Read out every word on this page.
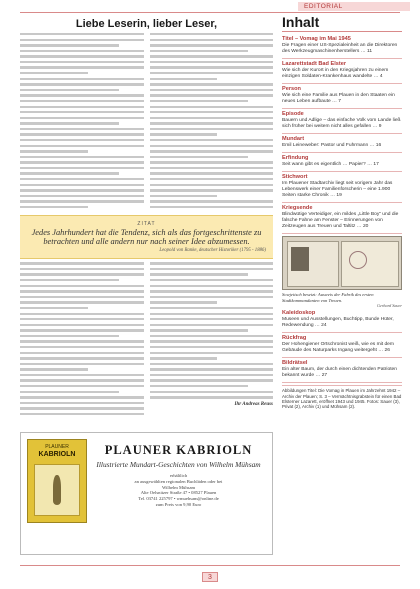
EDITORIAL
Liebe Leserin, lieber Leser,
ZITAT
Jedes Jahrhundert hat die Tendenz, sich als das fortgeschrittenste zu betrachten und alle andern nur nach seiner Idee abzumessen.
Leopold von Ranke, deutscher Historiker (1795 - 1886)
Ihr Andreas Reuss
PLAUNER
KABRIOLN	PLAUNER KABRIOLN
Illustrierte Mundart-Geschichten von Wilhelm Mühsam
erhältlich
an ausgewählten regionalen Buchläden oder bei
Wilhelm Mühsam
Alte Oelsnitzer Straße 47 • 08527 Plauen
Tel. 03741 225797 • wmuehsam@online.de
zum Preis von 9,90 Euro
Inhalt
Titel – Vomag im Mai 1945
Die Fragen einer US-Spezialeinheit an die Direktoren des Werkzeugmaschinenherstellers … 11
Lazarettstadt Bad Elster
Wie sich der Kurort in den Kriegsjahren zu einem einzigen Soldaten-Krankenhaus wandelte … 4
Person
Wie sich eine Familie aus Plauen in den Staaten ein neues Leben aufbaute … 7
Episode
Bauern und Adlige – das einfache Volk vom Lande ließ sich früher bei weitem nicht alles gefallen … 9
Mundart
Emil Leineweber: Pastor und Fuhrmann … 16
Erfindung
Seit wann gibt es eigentlich … Papier? … 17
Stichwort
Im Plauener Stadtarchiv liegt seit vorigem Jahr das Lebenswerk einer Familienforscherin – eine 1.900 Seiten starke Chronik … 19
Kriegsende
Blindwütige Verteidiger, ein mildes „Little Boy“ und die falsche Fahne am Fenster – Erinnerungen von Zeitzeugen aus Treuen und Taltitz … 20
Sowjetisch besetzt: Ausweis der Fabrik des ersten Stadtkommandanten von Treuen.
Gerhard Sauer
Kaleidoskop
Museen und Ausstellungen, Buchtipp, Bunde Hüter, Redewendung … 24
Rückfrag
Der Hohengiener Ortschronist weiß, wie es mit dem Gebäude des Naturparks Ingang weitergeht … 26
Bildrätsel
Ein alter Baum, der durch einen dichtenden Patrioten bekannt wurde … 27
Abbildungen Titel: Die Vomag in Plauen im Jahrzehnt 1942 – Archiv der Plauen; S. 3 – Vermächtnisgrabstein für einen Bad Elsterner Lazarett, eröffnet 1943 und 1945. Fotos: Sauer (3), Privat (2), Archiv (1) und Mühsam (2).
3
